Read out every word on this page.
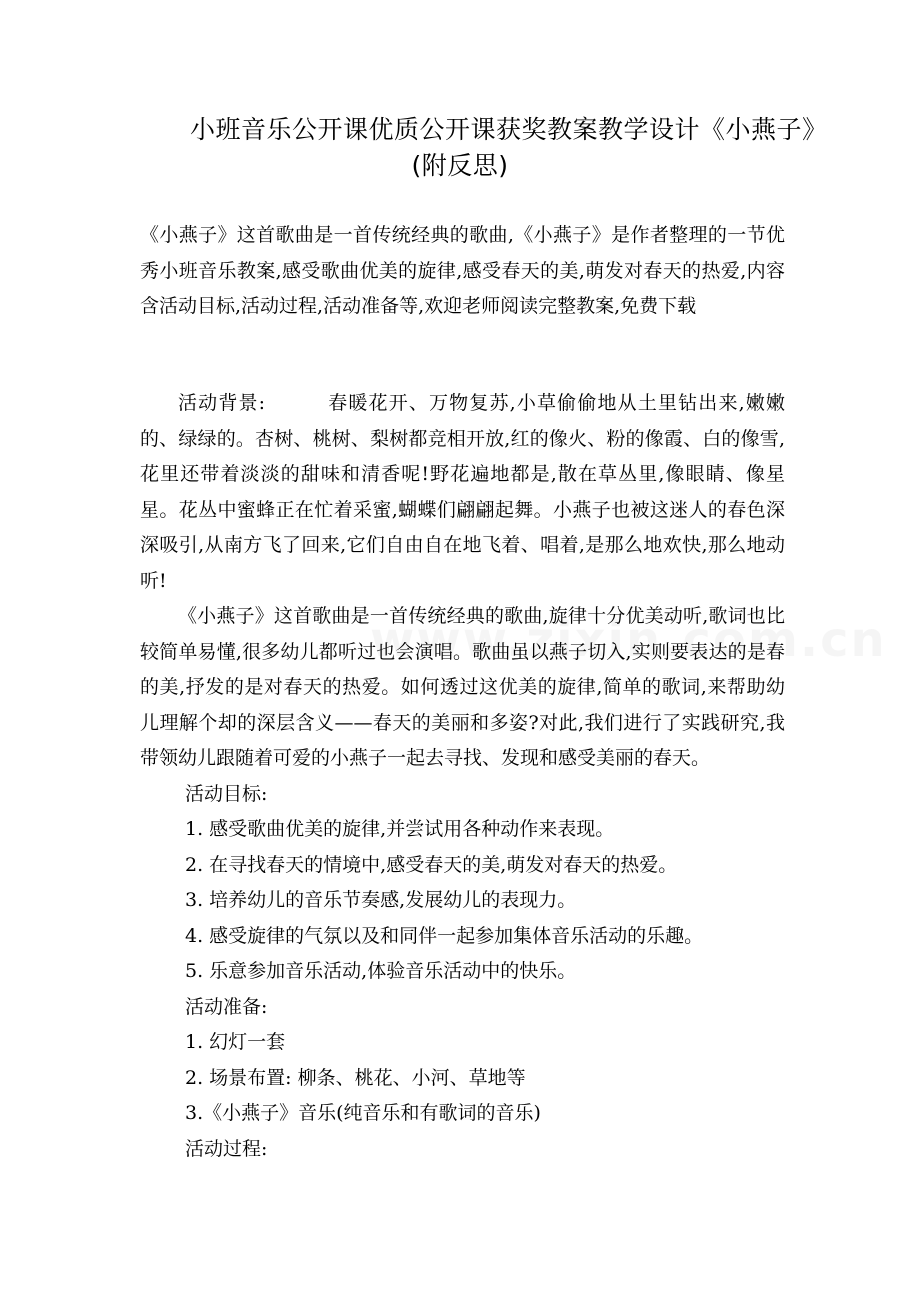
小班音乐公开课优质公开课获奖教案教学设计《小燕子》
(附反思)

《小燕子》这首歌曲是一首传统经典的歌曲,《小燕子》是作者整理的一节优秀小班音乐教案,感受歌曲优美的旋律,感受春天的美,萌发对春天的热爱,内容含活动目标,活动过程,活动准备等,欢迎老师阅读完整教案,免费下载

活动背景:	春暖花开、万物复苏,小草偷偷地从土里钻出来,嫩嫩的、绿绿的。杏树、桃树、梨树都竞相开放,红的像火、粉的像霞、白的像雪,花里还带着淡淡的甜味和清香呢!野花遍地都是,散在草丛里,像眼睛、像星星。花丛中蜜蜂正在忙着采蜜,蝴蝶们翩翩起舞。小燕子也被这迷人的春色深深吸引,从南方飞了回来,它们自由自在地飞着、唱着,是那么地欢快,那么地动听!

《小燕子》这首歌曲是一首传统经典的歌曲,旋律十分优美动听,歌词也比较简单易懂,很多幼儿都听过也会演唱。歌曲虽以燕子切入,实则要表达的是春的美,抒发的是对春天的热爱。如何透过这优美的旋律,简单的歌词,来帮助幼儿理解个却的深层含义——春天的美丽和多姿?对此,我们进行了实践研究,我带领幼儿跟随着可爱的小燕子一起去寻找、发现和感受美丽的春天。

活动目标:
1. 感受歌曲优美的旋律,并尝试用各种动作来表现。
2. 在寻找春天的情境中,感受春天的美,萌发对春天的热爱。
3. 培养幼儿的音乐节奏感,发展幼儿的表现力。
4. 感受旋律的气氛以及和同伴一起参加集体音乐活动的乐趣。
5. 乐意参加音乐活动,体验音乐活动中的快乐。
活动准备:
1. 幻灯一套
2. 场景布置: 柳条、桃花、小河、草地等
3.《小燕子》音乐(纯音乐和有歌词的音乐)
活动过程:
